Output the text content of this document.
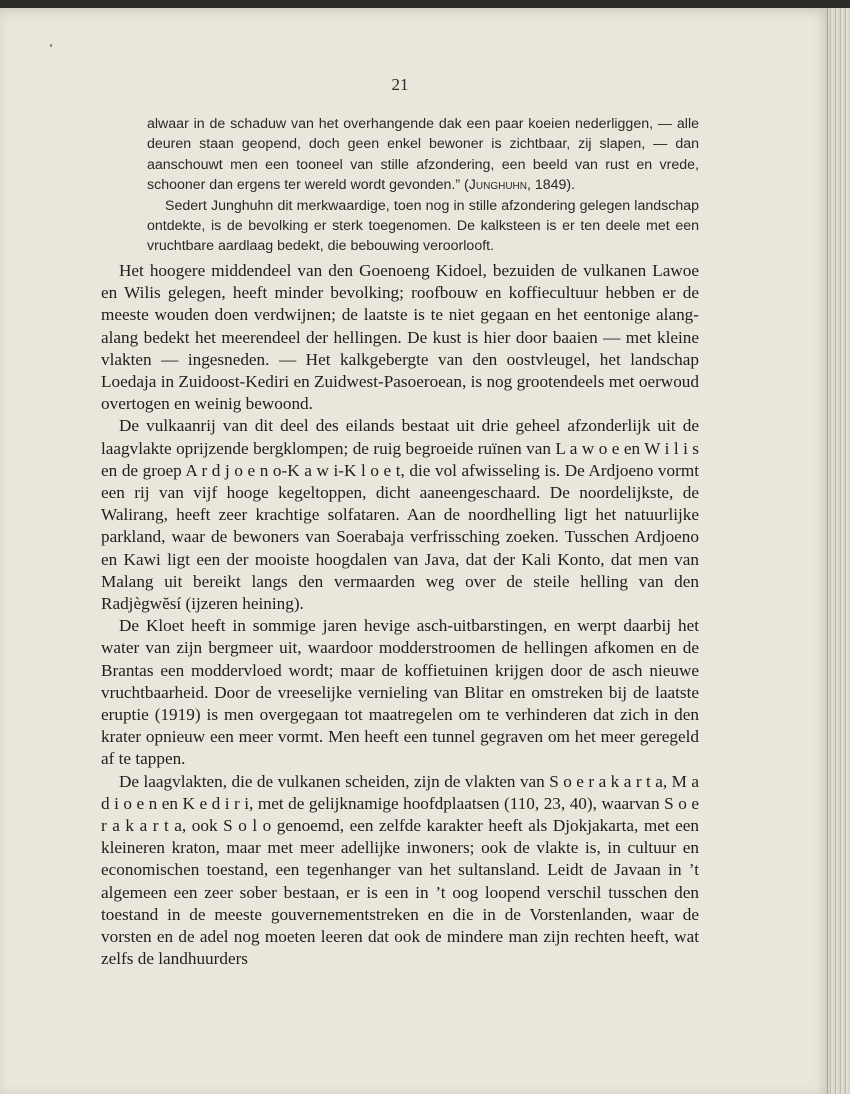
21

alwaar in de schaduw van het overhangende dak een paar koeien nederliggen, — alle deuren staan geopend, doch geen enkel bewoner is zichtbaar, zij slapen, — dan aanschouwt men een tooneel van stille afzondering, een beeld van rust en vrede, schooner dan ergens ter wereld wordt gevonden.” (Junghuhn, 1849).

Sedert Junghuhn dit merkwaardige, toen nog in stille afzondering gelegen landschap ontdekte, is de bevolking er sterk toegenomen. De kalksteen is er ten deele met een vruchtbare aardlaag bedekt, die bebouwing veroorlooft.

Het hoogere middendeel van den Goenoeng Kidoel, bezuiden de vulkanen Lawoe en Wilis gelegen, heeft minder bevolking; roofbouw en koffiecultuur hebben er de meeste wouden doen verdwijnen; de laatste is te niet gegaan en het eentonige alang-alang bedekt het meerendeel der hellingen. De kust is hier door baaien — met kleine vlakten — ingesneden. — Het kalkgebergte van den oostvleugel, het landschap Loedaja in Zuidoost-Kediri en Zuidwest-Pasoeroean, is nog grootendeels met oerwoud overtogen en weinig bewoond.

De vulkaanrij van dit deel des eilands bestaat uit drie geheel afzonderlijk uit de laagvlakte oprijzende bergklompen; de ruig begroeide ruïnen van L a w o e en W i l i s en de groep A r d j o e n o-K a w i-K l o e t, die vol afwisseling is. De Ardjoeno vormt een rij van vijf hooge kegeltoppen, dicht aaneengeschaard. De noordelijkste, de Walirang, heeft zeer krachtige solfataren. Aan de noordhelling ligt het natuurlijke parkland, waar de bewoners van Soerabaja verfrissching zoeken. Tusschen Ardjoeno en Kawi ligt een der mooiste hoogdalen van Java, dat der Kali Konto, dat men van Malang uit bereikt langs den vermaarden weg over de steile helling van den Radjègwĕsí (ijzeren heining).

De Kloet heeft in sommige jaren hevige asch-uitbarstingen, en werpt daarbij het water van zijn bergmeer uit, waardoor modderstroomen de hellingen afkomen en de Brantas een moddervloed wordt; maar de koffietuinen krijgen door de asch nieuwe vruchtbaarheid. Door de vreeselijke vernieling van Blitar en omstreken bij de laatste eruptie (1919) is men overgegaan tot maatregelen om te verhinderen dat zich in den krater opnieuw een meer vormt. Men heeft een tunnel gegraven om het meer geregeld af te tappen.

De laagvlakten, die de vulkanen scheiden, zijn de vlakten van S o e r a k a r t a, M a d i o e n en K e d i r i, met de gelijknamige hoofdplaatsen (110, 23, 40), waarvan S o e r a k a r t a, ook S o l o genoemd, een zelfde karakter heeft als Djokjakarta, met een kleineren kraton, maar met meer adellijke inwoners; ook de vlakte is, in cultuur en economischen toestand, een tegenhanger van het sultansland. Leidt de Javaan in ’t algemeen een zeer sober bestaan, er is een in ’t oog loopend verschil tusschen den toestand in de meeste gouvernementstreken en die in de Vorstenlanden, waar de vorsten en de adel nog moeten leeren dat ook de mindere man zijn rechten heeft, wat zelfs de landhuurders
